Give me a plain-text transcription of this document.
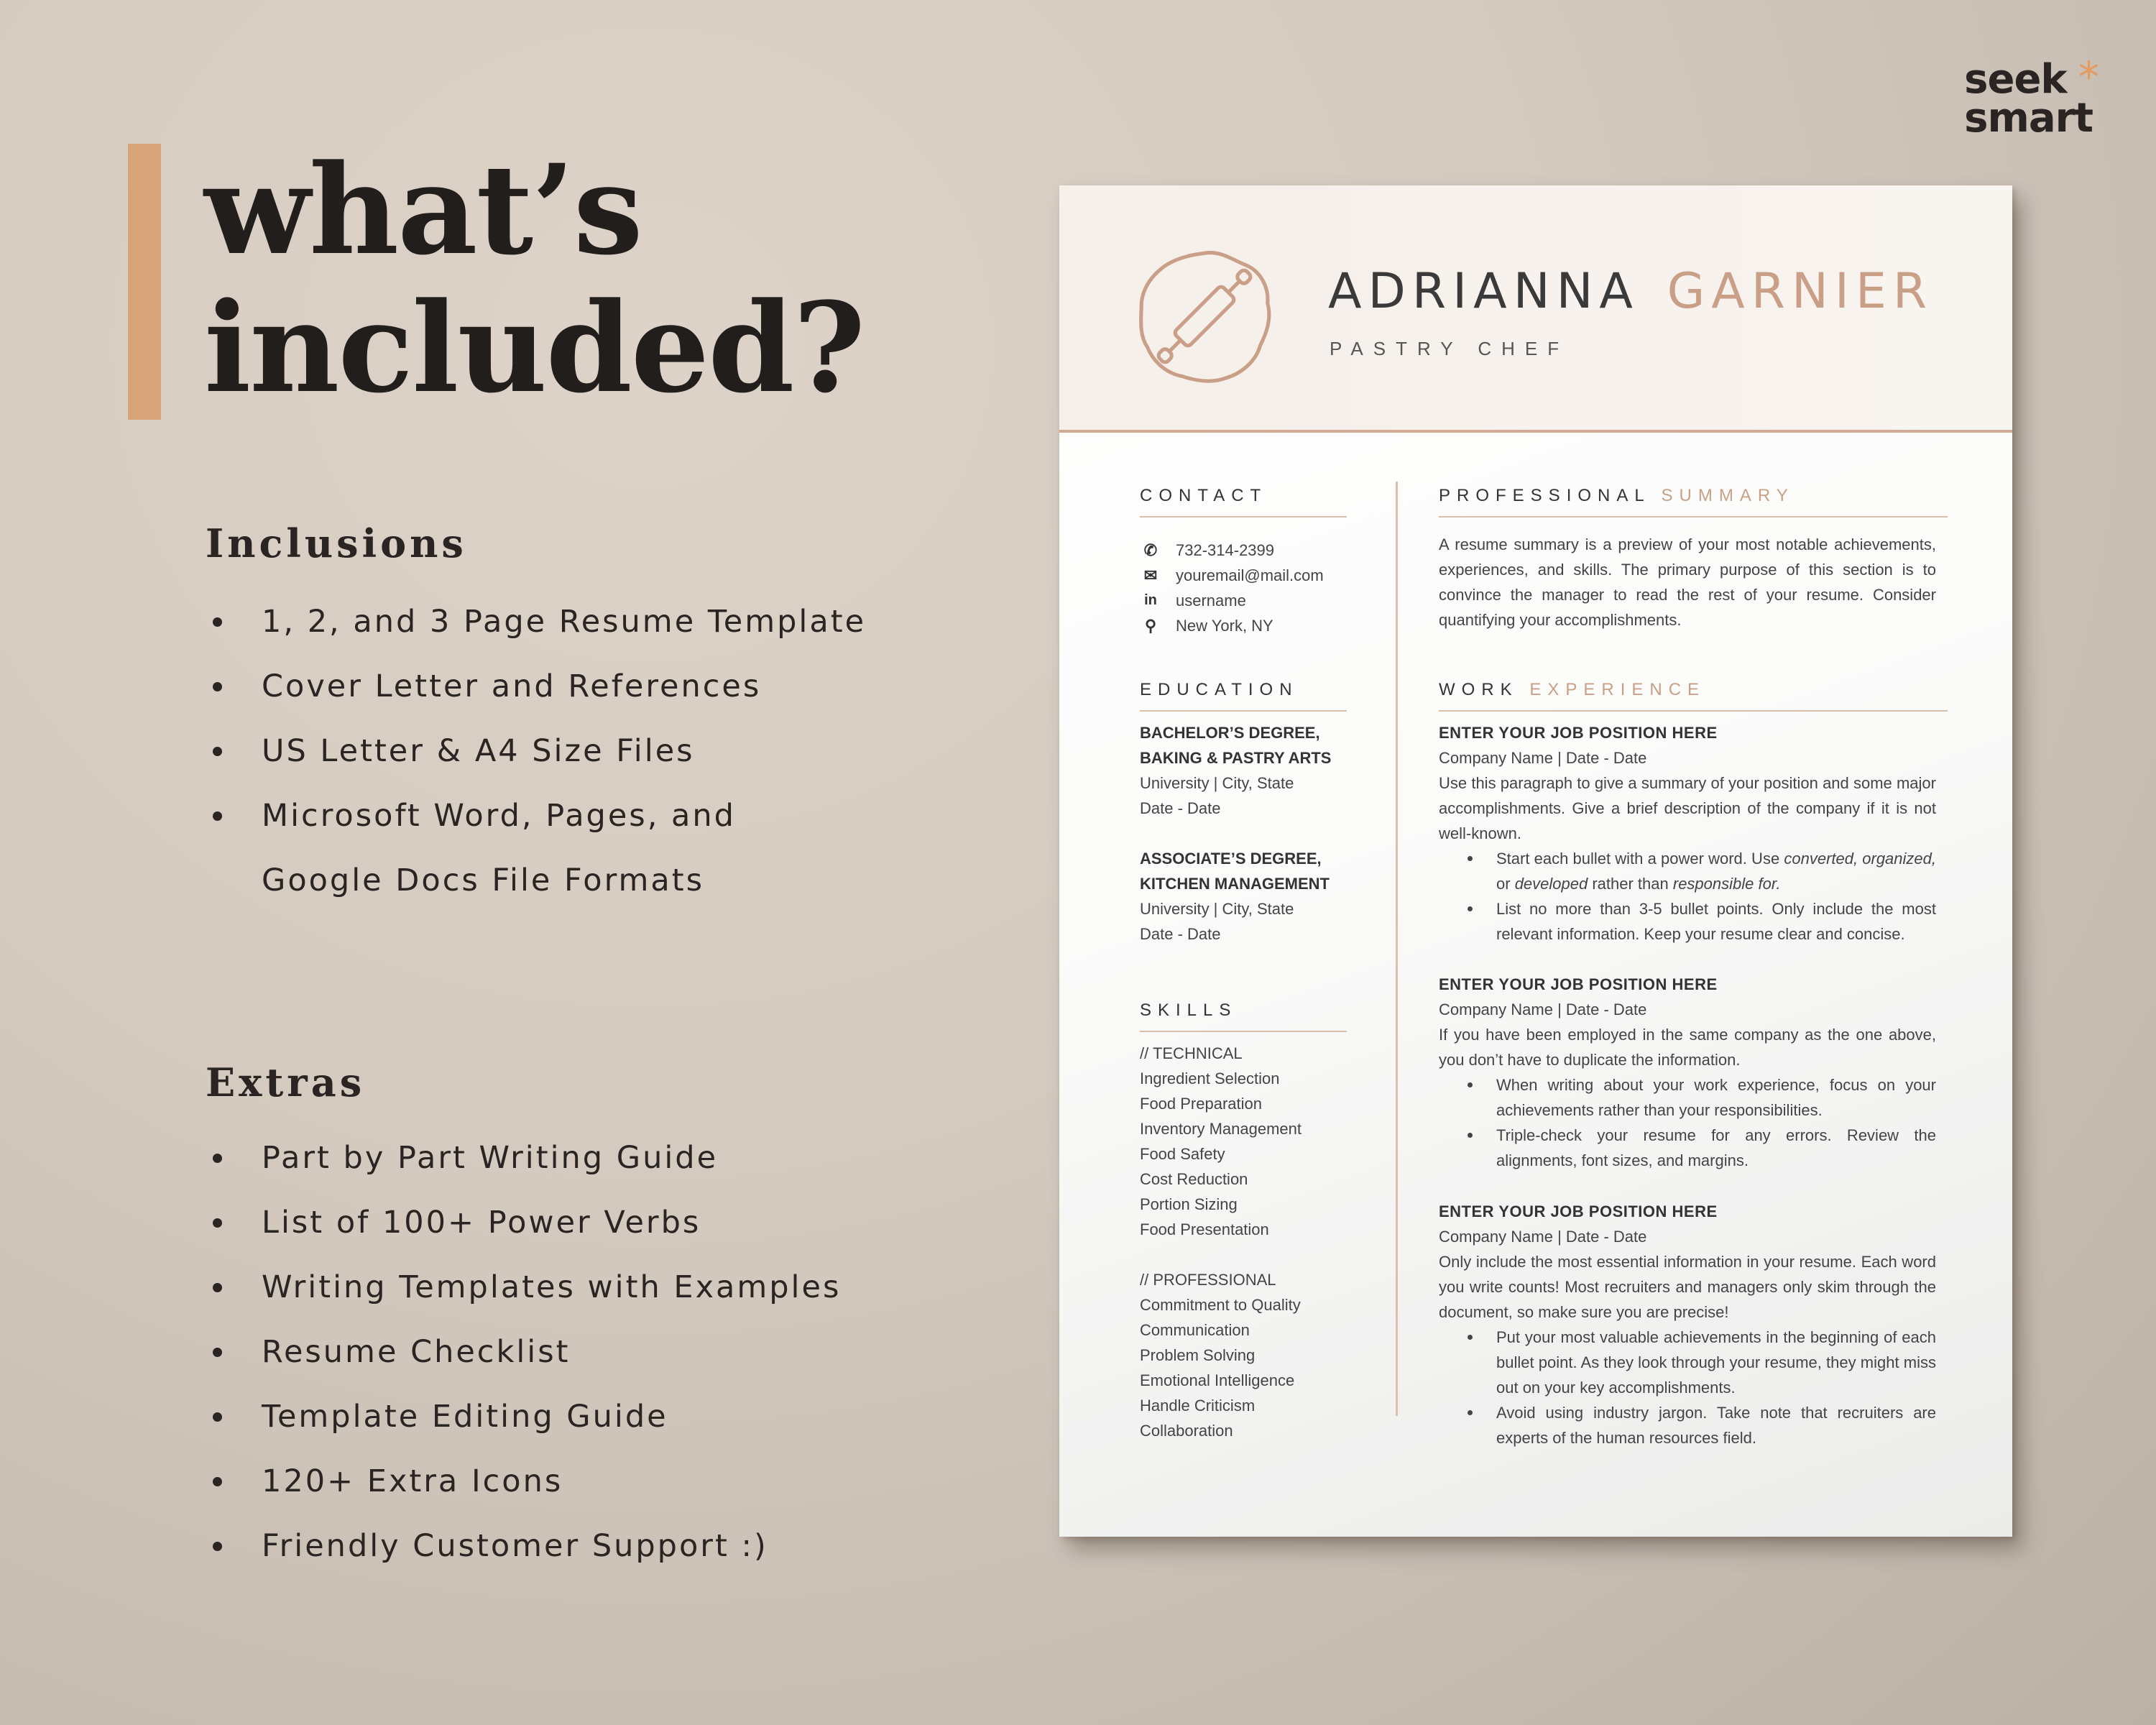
what’s
included?
seek
smart
*
Inclusions
1, 2, and 3 Page Resume Template
Cover Letter and References
US Letter & A4 Size Files
Microsoft Word, Pages, and
Google Docs File Formats
Extras
Part by Part Writing Guide
List of 100+ Power Verbs
Writing Templates with Examples
Resume Checklist
Template Editing Guide
120+ Extra Icons
Friendly Customer Support :)
ADRIANNA GARNIER
PASTRY CHEF
CONTACT
✆ 732-314-2399
✉ youremail@mail.com
in username
⚲	New York, NY
EDUCATION
BACHELOR’S DEGREE,
BAKING & PASTRY ARTS
University | City, State
Date - Date
ASSOCIATE’S DEGREE,
KITCHEN MANAGEMENT
University | City, State
Date - Date
SKILLS
// TECHNICAL
Ingredient Selection
Food Preparation
Inventory Management
Food Safety
Cost Reduction
Portion Sizing
Food Presentation
// PROFESSIONAL
Commitment to Quality
Communication
Problem Solving
Emotional Intelligence
Handle Criticism
Collaboration
PROFESSIONAL SUMMARY
A resume summary is a preview of your most notable achievements, experiences, and skills. The primary purpose of this section is to convince the manager to read the rest of your resume. Consider quantifying your accomplishments.
WORK EXPERIENCE
ENTER YOUR JOB POSITION HERE
Company Name | Date - Date
Use this paragraph to give a summary of your position and some major accomplishments. Give a brief description of the company if it is not well-known.
Start each bullet with a power word. Use converted, organized, or developed rather than responsible for.
List no more than 3-5 bullet points. Only include the most relevant information. Keep your resume clear and concise.
ENTER YOUR JOB POSITION HERE
Company Name | Date - Date
If you have been employed in the same company as the one above, you don’t have to duplicate the information.
When writing about your work experience, focus on your achievements rather than your responsibilities.
Triple-check your resume for any errors. Review the alignments, font sizes, and margins.
ENTER YOUR JOB POSITION HERE
Company Name | Date - Date
Only include the most essential information in your resume. Each word you write counts! Most recruiters and managers only skim through the document, so make sure you are precise!
Put your most valuable achievements in the beginning of each bullet point. As they look through your resume, they might miss out on your key accomplishments.
Avoid using industry jargon. Take note that recruiters are experts of the human resources field.
